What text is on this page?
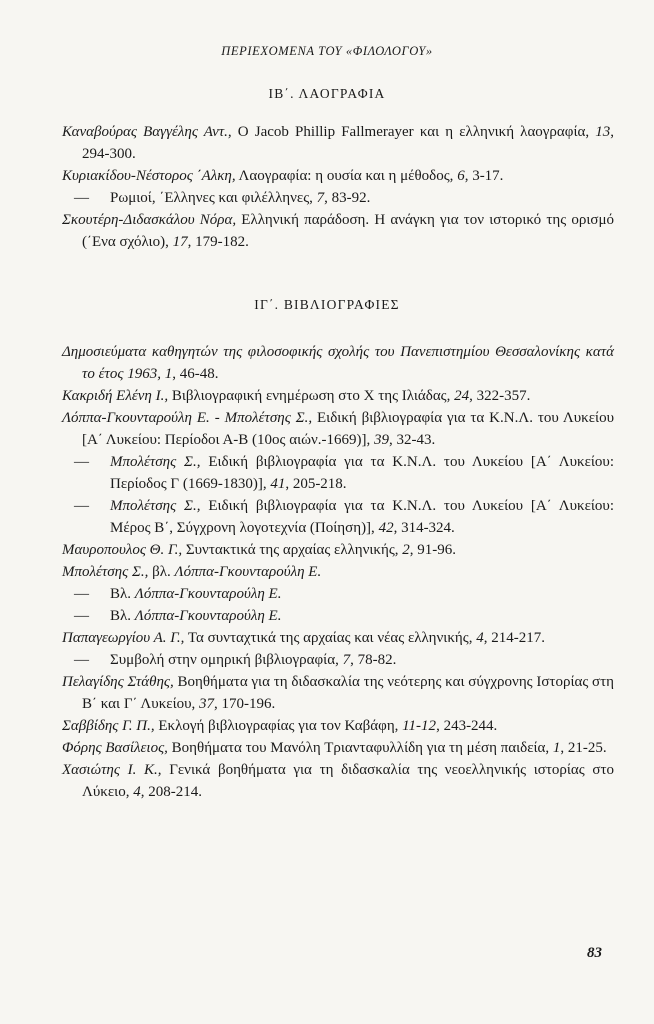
ΠΕΡΙΕΧΟΜΕΝΑ ΤΟΥ «ΦΙΛΟΛΟΓΟΥ»
ΙΒ΄. ΛΑΟΓΡΑΦΙΑ

Καναβούρας Βαγγέλης Αντ., Ο Jacob Phillip Fallmerayer και η ελληνική λαογραφία, 13, 294-300.

Κυριακίδου-Νέστορος ΄Αλκη, Λαογραφία: η ουσία και η μέθοδος, 6, 3-17.

— Ρωμιοί, ΄Ελληνες και φιλέλληνες, 7, 83-92.

Σκουτέρη-Διδασκάλου Νόρα, Ελληνική παράδοση. Η ανάγκη για τον ιστορικό της ορισμό (΄Ενα σχόλιο), 17, 179-182.

ΙΓ΄. ΒΙΒΛΙΟΓΡΑΦΙΕΣ

Δημοσιεύματα καθηγητών της φιλοσοφικής σχολής του Πανεπιστημίου Θεσσαλονίκης κατά το έτος 1963, 1, 46-48.

Κακριδή Ελένη Ι., Βιβλιογραφική ενημέρωση στο Χ της Ιλιάδας, 24, 322-357.

Λόππα-Γκουνταρούλη Ε. - Μπολέτσης Σ., Ειδική βιβλιογραφία για τα Κ.Ν.Λ. του Λυκείου [Α΄ Λυκείου: Περίοδοι Α-Β (10ος αιών.-1669)], 39, 32-43.

— Μπολέτσης Σ., Ειδική βιβλιογραφία για τα Κ.Ν.Λ. του Λυκείου [Α΄ Λυκείου: Περίοδος Γ (1669-1830)], 41, 205-218.

— Μπολέτσης Σ., Ειδική βιβλιογραφία για τα Κ.Ν.Λ. του Λυκείου [Α΄ Λυκείου: Μέρος Β΄, Σύγχρονη λογοτεχνία (Ποίηση)], 42, 314-324.

Μαυροπουλος Θ. Γ., Συντακτικά της αρχαίας ελληνικής, 2, 91-96.

Μπολέτσης Σ., βλ. Λόππα-Γκουνταρούλη Ε.

— Βλ. Λόππα-Γκουνταρούλη Ε.

— Βλ. Λόππα-Γκουνταρούλη Ε.

Παπαγεωργίου Α. Γ., Τα συνταχτικά της αρχαίας και νέας ελληνικής, 4, 214-217.

— Συμβολή στην ομηρική βιβλιογραφία, 7, 78-82.

Πελαγίδης Στάθης, Βοηθήματα για τη διδασκαλία της νεότερης και σύγχρονης Ιστορίας στη Β΄ και Γ΄ Λυκείου, 37, 170-196.

Σαββίδης Γ. Π., Εκλογή βιβλιογραφίας για τον Καβάφη, 11-12, 243-244.

Φόρης Βασίλειος, Βοηθήματα του Μανόλη Τριανταφυλλίδη για τη μέση παιδεία, 1, 21-25.

Χασιώτης Ι. Κ., Γενικά βοηθήματα για τη διδασκαλία της νεοελληνικής ιστορίας στο Λύκειο, 4, 208-214.

83
